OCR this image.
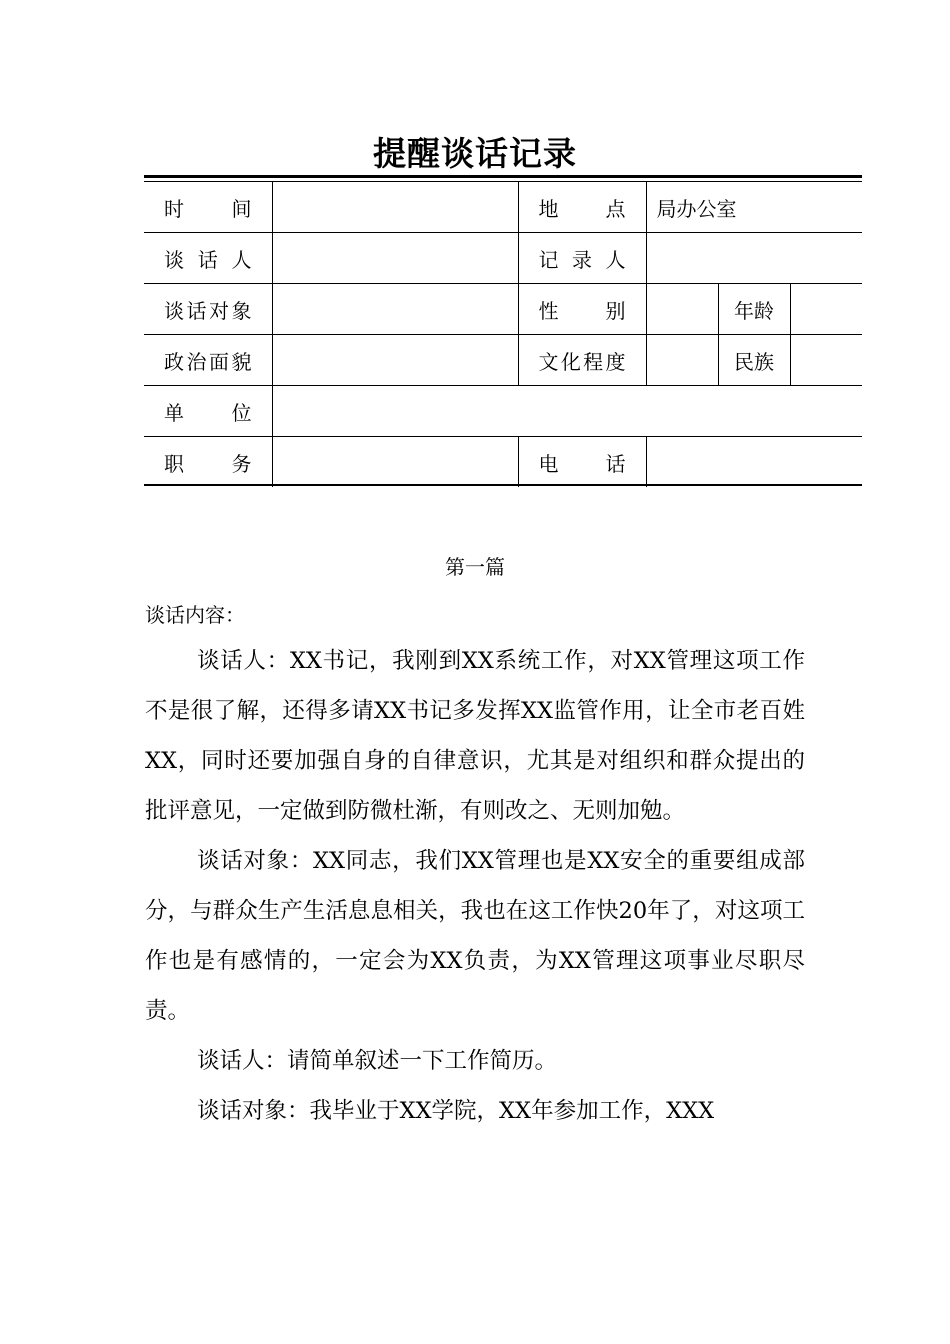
提醒谈话记录
时间		地点	局办公室		
谈话人		记录人			
谈话对象		性别		年龄	
政治面貌		文化程度		民族	
单位					
职务		电话			
第一篇
谈话内容：

谈话人：XX书记，我刚到XX系统工作，对XX管理这项工作不是很了解，还得多请XX书记多发挥XX监管作用，让全市老百姓XX，同时还要加强自身的自律意识，尤其是对组织和群众提出的批评意见，一定做到防微杜渐，有则改之、无则加勉。

谈话对象：XX同志，我们XX管理也是XX安全的重要组成部分，与群众生产生活息息相关，我也在这工作快20年了，对这项工作也是有感情的，一定会为XX负责，为XX管理这项事业尽职尽责。

谈话人：请简单叙述一下工作简历。

谈话对象：我毕业于XX学院，XX年参加工作，XXX
